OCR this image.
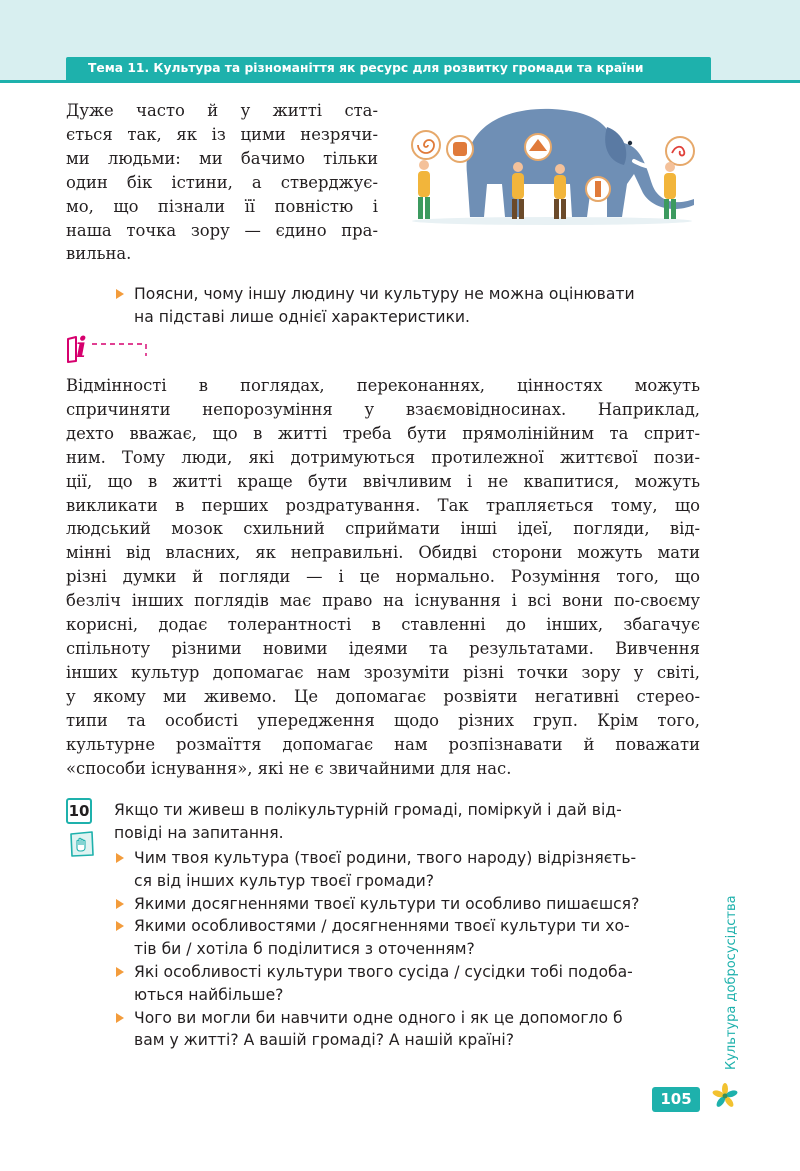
Тема 11. Культура та різноманіття як ресурс для розвитку громади та країни
Дуже часто й у житті ста-
ється так, як із цими незрячи-
ми людьми: ми бачимо тільки
один бік істини, а стверджує-
мо, що пізнали її повністю і
наша точка зору — єдино пра-
вильна.
Поясни, чому іншу людину чи культуру не можна оцінювати
на підставі лише однієї характеристики.
i
Відмінності в поглядах, переконаннях, цінностях можуть
спричиняти непорозуміння у взаємовідносинах. Наприклад,
дехто вважає, що в житті треба бути прямолінійним та сприт-
ним. Тому люди, які дотримуються протилежної життєвої пози-
ції, що в житті краще бути ввічливим і не квапитися, можуть
викликати в перших роздратування. Так трапляється тому, що
людський мозок схильний сприймати інші ідеї, погляди, від-
мінні від власних, як неправильні. Обидві сторони можуть мати
різні думки й погляди — і це нормально. Розуміння того, що
безліч інших поглядів має право на існування і всі вони по-своєму
корисні, додає толерантності в ставленні до інших, збагачує
спільноту різними новими ідеями та результатами. Вивчення
інших культур допомагає нам зрозуміти різні точки зору у світі,
у якому ми живемо. Це допомагає розвіяти негативні стерео-
типи та особисті упередження щодо різних груп. Крім того,
культурне розмаїття допомагає нам розпізнавати й поважати
«способи існування», які не є звичайними для нас.
10 Якщо ти живеш в полікультурній громаді, поміркуй і дай від-
повіді на запитання.
Чим твоя культура (твоєї родини, твого народу) відрізняєть-
ся від інших культур твоєї громади?
Якими досягненнями твоєї культури ти особливо пишаєшся?
Якими особливостями / досягненнями твоєї культури ти хо-
тів би / хотіла б поділитися з оточенням?
Які особливості культури твого сусіда / сусідки тобі подоба-
ються найбільше?
Чого ви могли би навчити одне одного і як це допомогло б
вам у житті? А вашій громаді? А нашій країні?	Культура добросусідства
105
